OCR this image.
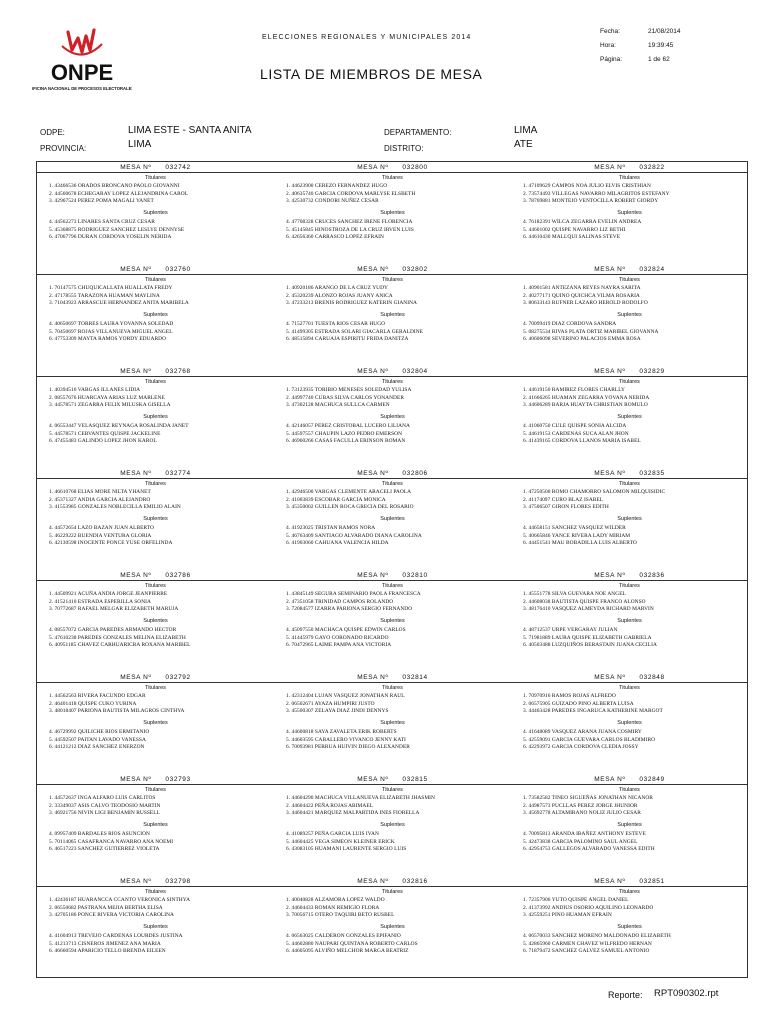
ONPE
OFICINA NACIONAL DE PROCESOS ELECTORALES
ELECCIONES REGIONALES Y MUNICIPALES 2014
LISTA DE MIEMBROS DE MESA
Fecha:	21/08/2014
Hora:	19:39:45
Página:	1 de 62
ODPE:	LIMA ESTE - SANTA ANITA
PROVINCIA:	LIMA
DEPARTAMENTO:	LIMA
DISTRITO:	ATE
MESA Nº 032742
Titulares
1. 43466536 ORADOS BRONCANO PAOLO GIOVANNI
2. 44560678 ECHEGARAY LOPEZ ALEJANDRINA CAROL
3. 42967524 PEREZ POMA MAGALI YANET
Suplentes
4. 44562273 LINARES SANTA CRUZ CESAR
5. 45368875 RODRIGUEZ SANCHEZ LESLYE DENNYSE
6. 47067796 DURAN CORDOVA YOSELIN NERIDA
MESA Nº 032760
Titulares
1. 70147575 CHUQUICALLATA HUALLATA FREDY
2. 47178555 TARAZONA HUAMAN MAYLINA
3. 71043923 ARRASCUE HERNANDEZ ANITA MARIBELA
Suplentes
4. 40650697 TORRES LAURA YOVANNA SOLEDAD
5. 70450697 ROJAS VILLANUEVA MIGUEL ANGEL
6. 47753309 MAYTA RAMOS YORDY EDUARDO
MESA Nº 032768
Titulares
1. 40394516 VARGAS ILLANES LIDIA
2. 08557676 HUARCAYA ARIAS LUZ MARLENE
3. 44578571 ZEGARRA FELIX MILUSKA GISELLA
Suplentes
4. 06553447 VELASQUEZ REYNAGA ROSALINDA JANET
5. 44578571 CERVANTES QUISPE JACKELINE
6. 47455483 GALINDO LOPEZ JHON KAROL
MESA Nº 032774
Titulares
1. 46610768 ELIAS MORE NILTA YHANET
2. 45371327 ANDIA GARCIA ALEJANDRO
3. 41553985 GONZALES NOBLECILLA EMILIO ALAIN
Suplentes
4. 44572654 LAZO BAZAN JUAN ALBERTO
5. 46229222 BUENDIA VENTURA GLORIA
6. 42130598 INOCENTE PONCE YUSE ORFELINDA
MESA Nº 032786
Titulares
1. 44509921 ACUÑA ANDIA JORGE JEANPIERRE
2. 41521410 ESTRADA ESPERILLA SONIA
3. 70772687 RAFAEL MELGAR ELIZABETH MARUJA
Suplentes
4. 08557072 GARCIA PAREDES ARMANDO HECTOR
5. 47610238 PAREDES GONZALES MELINA ELIZABETH
6. 40951185 CHAVEZ CARHUARICRA ROXANA MARIBEL
MESA Nº 032792
Titulares
1. 44562563 RIVERA FACUNDO EDGAR
2. 46401418 QUISPE CUKO YURINA
3. 48018407 PARIONA BAUTISTA MILAGROS CINTHYA
Suplentes
4. 46729992 QUILICHE RIOS ERMITANIO
5. 44592507 PAITAN LAVADO VANESSA
6. 44121212 DIAZ SANCHEZ ENERZON
MESA Nº 032793
Titulares
1. 44572637 INGA ALFARO LUIS CARLITOS
2. 33349037 ASIS CALVO TEODOSIO MARTIN
3. 46921756 NIVIN LIGI BENJAMIN RUSSELL
Suplentes
4. 09957409 BARDALES RIOS ASUNCION
5. 70114065 CASAFRANCA NAVARRO ANA NOEMI
6. 46517223 SANCHEZ GUTIERREZ VIOLETA
MESA Nº 032798
Titulares
1. 42436187 HUARANCCA CCANTO VERONICA SINTHYA
2. 06550682 PASTRANA MEJIA BERTHA ELISA
3. 42705186 PONCE RIVERA VICTORIA CAROLINA
Suplentes
4. 41604913 TREVEJO CARDENAS LOURDES JUSTINA
5. 41213713 CISNEROS JIMENEZ ANA MARIA
6. 46660594 APARICIO TELLO BRENDA EILEEN
MESA Nº 032800
Titulares
1. 44623900 CEREZO FERNANDEZ HUGO
2. 40635740 GARCIA CORDOVA MARLYSE ELSBETH
3. 42530732 CONDORI NUÑEZ CESAR
Suplentes
4. 47708328 CRUCES SANCHEZ IRENE FLORENCIA
5. 45145845 HINOSTROZA DE LA CRUZ IRVEN LUIS
6. 42656360 CARRASCO LOPEZ EFRAIN
MESA Nº 032802
Titulares
1. 40920186 ARANGO DE LA CRUZ YUDY
2. 45320239 ALONZO ROJAS JUANY ANICA
3. 47233213 BRENIS RODRIGUEZ KATERIN GIANINA
Suplentes
4. 71527701 TUESTA RIOS CESAR HUGO
5. 41499305 ESTRADA SOLARI GIACARLA GERALDINE
6. 48515894 CARUAJA ESPIRITU FRIDA DANITZA
MESA Nº 032804
Titulares
1. 73123935 TORIBIO MENESES SOLEDAD YULISA
2. 44997740 CUBAS SILVA CARLOS YONANDER
3. 47302128 MACHUCA SULLCA CARMEN
Suplentes
4. 42146057 PEREZ CRISTOBAL LUCERO LILIANA
5. 44597557 CHAUPIN LAZO PEDRO EMERSON
6. 46960266 CASAS FACULLA ERINSON ROMAN
MESA Nº 032806
Titulares
1. 42946500 VARGAS CLEMENTE ARACELI PAOLA
2. 41003839 ESCOBAR GARCIA MONICA
3. 45350002 GUILLEN ROCA GRECIA DEL ROSARIO
Suplentes
4. 41923025 TRISTAN RAMOS NORA
5. 46763409 SANTIAGO ALVARADO DIANA CAROLINA
6. 41903060 CAHUANA VALENCIA HILDA
MESA Nº 032810
Titulares
1. 43845149 SEGURA SEMINARIO PAOLA FRANCESCA
2. 47351058 TRINIDAD CAMPOS ROLANDO
3. 72084577 IZARRA PARIONA SERGIO FERNANDO
Suplentes
4. 45097550 MACHACA QUISPE EDWIN CARLOS
5. 41445979 GAYO CORONADO RICARDO
6. 70472965 LAIME PAMPA ANA VICTORIA
MESA Nº 032814
Titulares
1. 42312404 LUJAN VASQUEZ JONATHAN RAUL
2. 06502671 AYAZA HUMPIRI JUSTO
3. 45500307 ZELAYA DIAZ JINDI DENNYS
Suplentes
4. 44600818 SAYA ZAVALETA ERIK ROBERTS
5. 44603595 CABALLERO VIVANCO JENNY KATI
6. 70093981 PERRUA HUIVIN DIEGO ALEXANDER
MESA Nº 032815
Titulares
1. 44604290 MACHUCA VILLANUEVA ELIZABETH JHASMIN
2. 44604422 PEÑA ROJAS ABIMAEL
3. 44604421 MARQUEZ MALPARTIDA INES FIORELLA
Suplentes
4. 41089257 PEÑA GARCIA LUIS IVAN
5. 44604425 VEGA SIMEON KLEINER ERICK
6. 43083105 HUAMANI LAURENTE SERGIO LUIS
MESA Nº 032816
Titulares
1. 40040828 ALZAMORA LOPEZ WALDO
2. 44604433 ROMAN REMIGIO FLORA
3. 70056715 OTERO TAQUIRI BETO RUSBEL
Suplentes
4. 06563025 CALDERON GONZALES EPIFANIO
5. 44602880 NAUPARI QUINTANA ROBERTO CARLOS
6. 44605095 ALVIÑO MELCHOR MARGA BEATRIZ
MESA Nº 032822
Titulares
1. 47109629 CAMPOS NOA JULIO ELVIS CRISTHIAN
2. 73574493 VILLEGAS NAVARRO MILAGRITOS ESTEFANY
3. 78769881 MONTEJO VENTOCILLA ROBERT GIORDY
Suplentes
4. 76182391 WILCA ZEGARRA EVELIN ANDREA
5. 44601002 QUISPE NAVARRO LIZ BETHI
6. 44610430 MALLQUI SALINAS STEVE
MESA Nº 032824
Titulares
1. 40901581 ANTEZANA REYES NAYRA SARITA
2. 40277171 QUINO QUICHCA VILMA ROSARIA
3. 80633143 RUFNER LAZARO HEROLD RODOLFO
Suplentes
4. 70099419 DIAZ CORDOVA SANDRA
5. 08275534 RIVAS PLATA ORTIZ MARIBEL GIOVANNA
6. 40606098 SEVERINO PALACIOS EMMA ROSA
MESA Nº 032829
Titulares
1. 44619150 RAMIREZ FLORES CHARLLY
2. 41666265 HUAMAN ZEGARRA YOVANA NERIDA
3. 44606289 BARJA HUAYTA CHRISTIAN ROMULO
Suplentes
4. 41060750 CULE QUISPE SONIA ALCIDA
5. 44619153 CARDENAS SUCA ALAN JHON
6. 41439165 CORDOVA LLANOS MARIA ISABEL
MESA Nº 032835
Titulares
1. 47250500 ROMO CHAMORRO SALOMON MILQUISIDIC
2. 41174097 CURO BLAZ ISABEL
3. 47506507 GIRON FLORES EDITH
Suplentes
4. 44658151 SANCHEZ VASQUEZ WILDER
5. 40665846 YANCE RIVERA LADY MIRIAM
6. 44451541 MAU BOBADILLA LUIS ALBERTO
MESA Nº 032836
Titulares
1. 45551778 SILVA GUEVARA NOE ANGEL
2. 44608038 BAUTISTA QUISPE FRANCO ALONSO
3. 48176410 VASQUEZ ALMEYDA RICHARD MARVIN
Suplentes
4. 48712537 URPE VERGARAY JULIAN
5. 71981889 LAURA QUISPE ELIZABETH GABRIELA
6. 40503488 LUZQUIÑOS BERASTAIN JUANA CECILIA
MESA Nº 032848
Titulares
1. 70970916 RAMOS ROJAS ALFREDO
2. 06575905 GUIZADO PINO ALBERTA LUISA
3. 44463428 PAREDES INGARUCA KATHERINE MARGOT
Suplentes
4. 41648089 VASQUEZ ARANA JUANA COSMIRY
5. 42559091 GARCIA GUEVARA CARLOS BLADIMIRO
6. 42293972 GARCIA CORDOVA CLEDIA JOSSY
MESA Nº 032849
Titulares
1. 73582582 TINEO SIGUEÑAS JONATHAN NICANOR
2. 44987573 PUCLLAS PEREZ JORGE JHUNIOR
3. 45692778 ALTAMIRANO NOLIZ JULIO CESAR
Suplentes
4. 70095813 ARANDA IBAÑEZ ANTHONY ESTEVE
5. 42473838 GARCIA PALOMINO SAUL ANGEL
6. 42954753 GALLEGOS ALVARADO VANESSA EDITH
MESA Nº 032851
Titulares
1. 72357906 YUTO QUISPE ANGEL DANIEL
2. 41373992 ANDIUS OSORIO AQUILINO LEONARDO
3. 42559251 PINO HUAMAN EFRAIN
Suplentes
4. 06570033 SANCHEZ MORENO MALDONADO ELIZABETH
5. 42865960 CARMEN CHAVEZ WILFREDO HERNAN
6. 71879472 SANCHEZ GALVEZ SAMUEL ANTONIO
Reporte: RPT090302.rpt
